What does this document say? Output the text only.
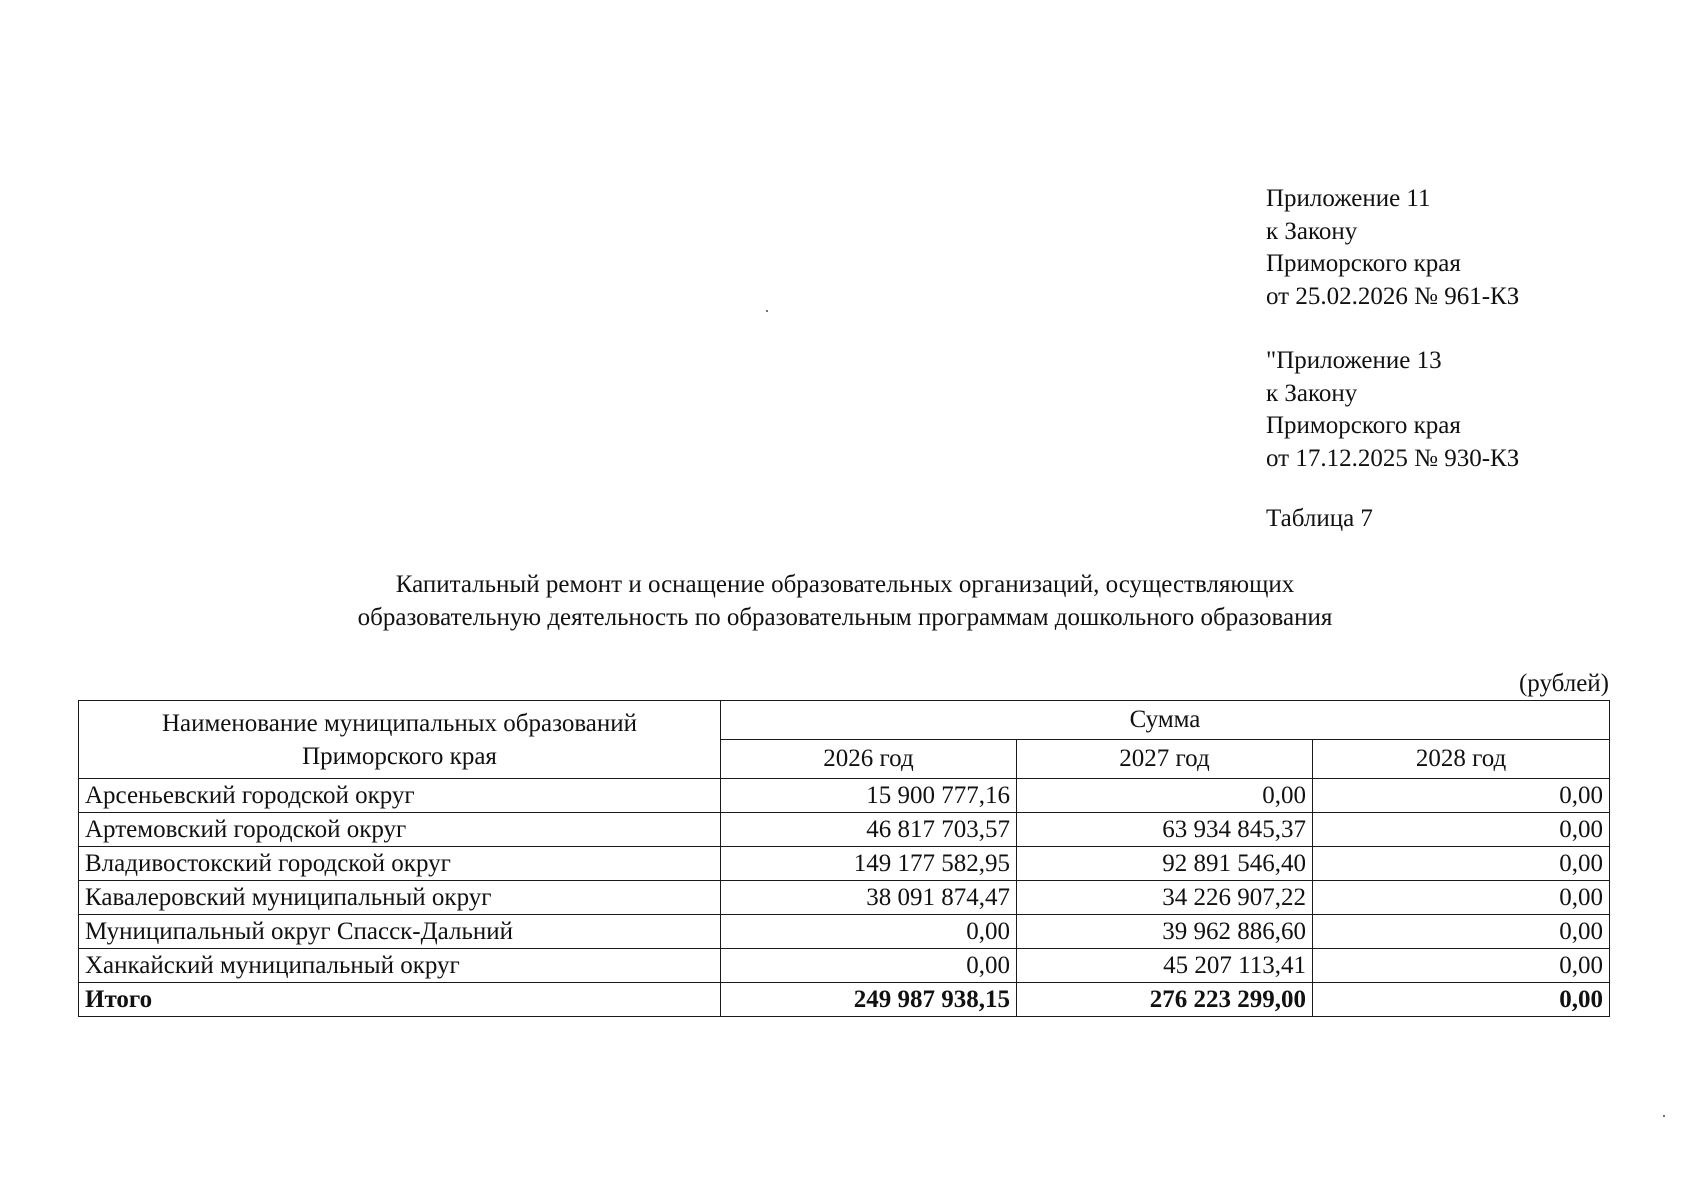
Приложение 11
к Закону
Приморского края
от 25.02.2026 № 961-КЗ
"Приложение 13
к Закону
Приморского края
от 17.12.2025 № 930-КЗ
Таблица 7
Капитальный ремонт и оснащение образовательных организаций, осуществляющих
образовательную деятельность по образовательным программам дошкольного образования
(рублей)
Наименование муниципальных образований
Приморского края	Сумма		
	2026 год	2027 год	2028 год
Арсеньевский городской округ	15 900 777,16	0,00	0,00
Артемовский городской округ	46 817 703,57	63 934 845,37	0,00
Владивостокский городской округ	149 177 582,95	92 891 546,40	0,00
Кавалеровский муниципальный округ	38 091 874,47	34 226 907,22	0,00
Муниципальный округ Спасск-Дальний	0,00	39 962 886,60	0,00
Ханкайский муниципальный округ	0,00	45 207 113,41	0,00
Итого	249 987 938,15	276 223 299,00	0,00
